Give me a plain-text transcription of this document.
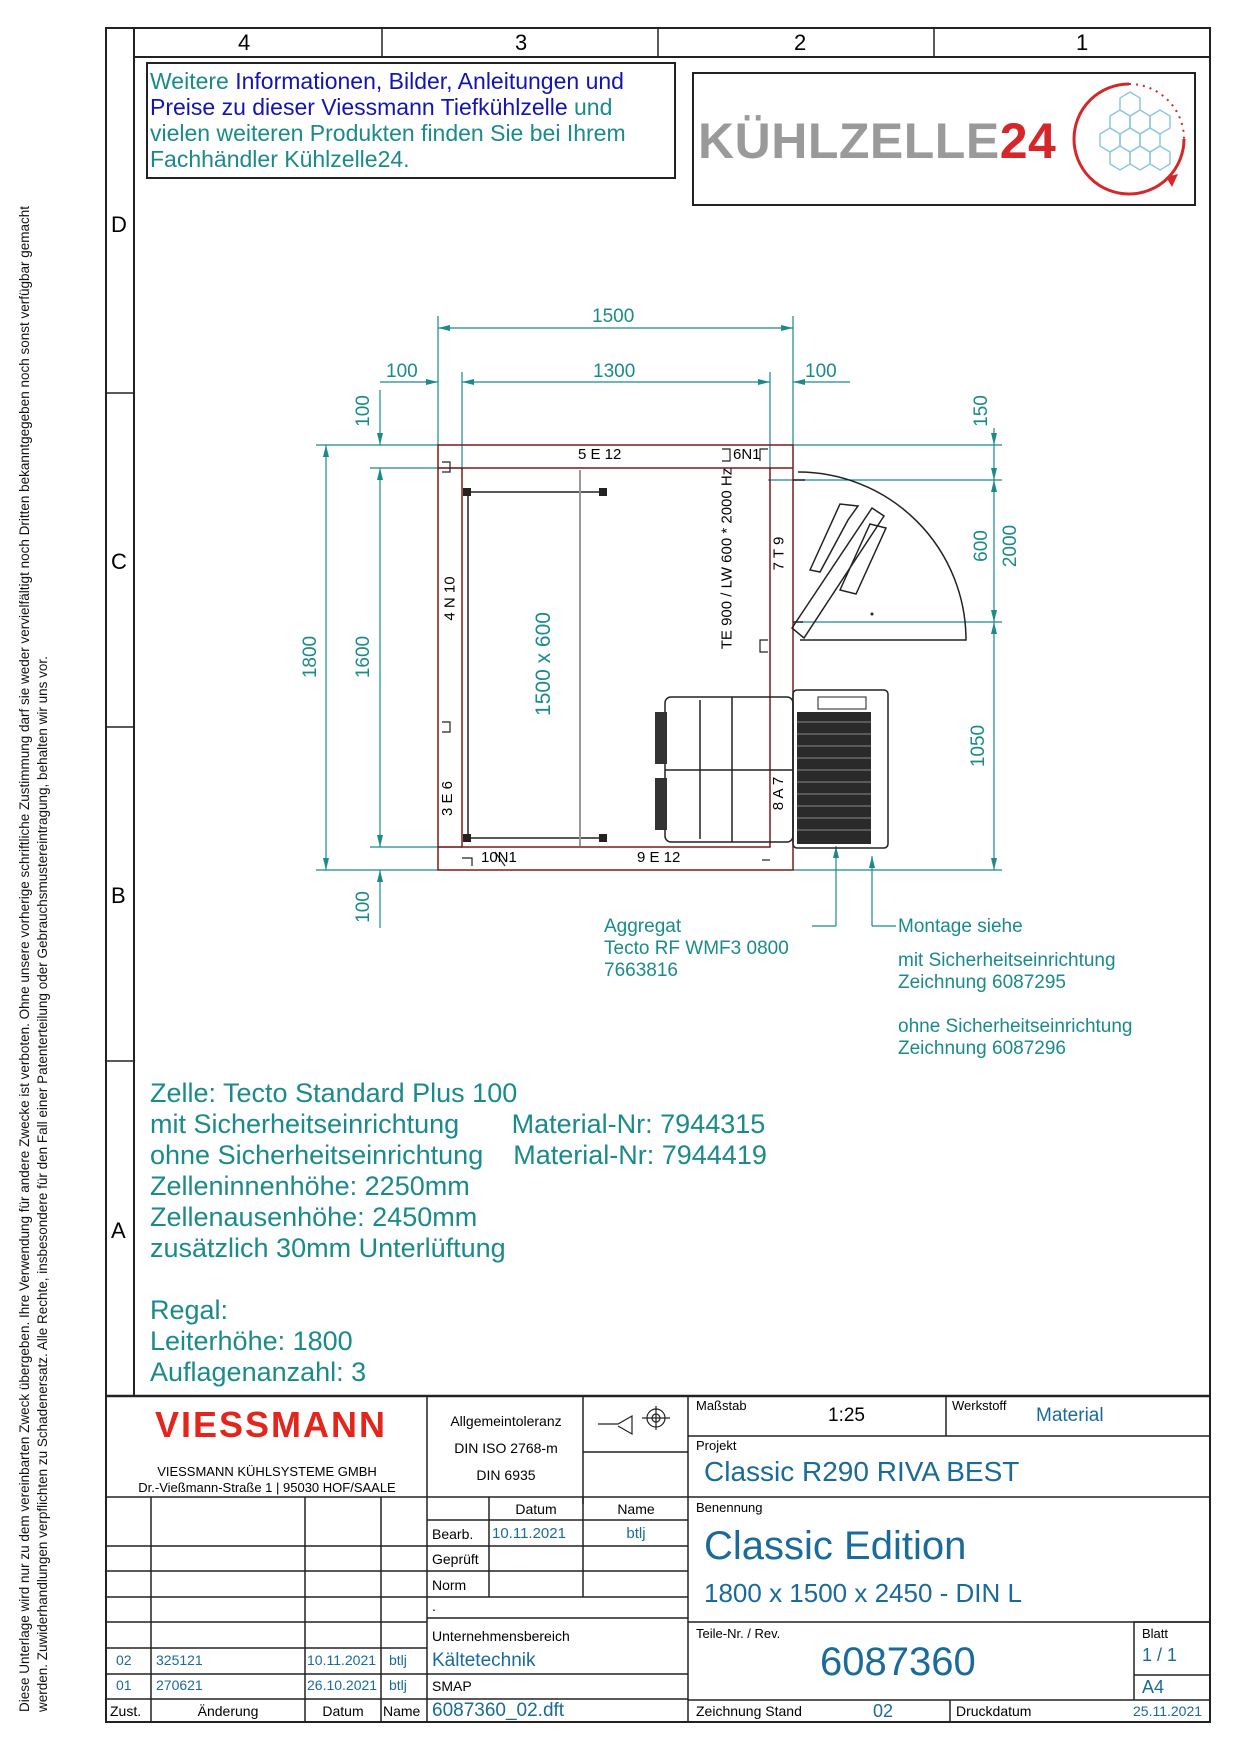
Diese Unterlage wird nur zu dem vereinbarten Zweck übergeben. Ihre Verwendung für andere Zwecke ist verboten. Ohne unsere vorherige schriftliche Zustimmung darf sie weder vervielfältigt noch Dritten bekanntgegeben noch sonst verfügbar gemacht werden. Zuwiderhandlungen verpflichten zu Schadenersatz. Alle Rechte, insbesondere für den Fall einer Patenterteilung oder Gebrauchsmustereintragung, behalten wir uns vor.
4	3	2	1
D
C
B
A
Weitere Informationen, Bilder, Anleitungen und
Preise zu dieser Viessmann Tiefkühlzelle und
vielen weiteren Produkten finden Sie bei Ihrem
Fachhändler Kühlzelle24.	KÜHLZELLE24
1500
100	1300	100
100
1800 1600
100
150
600 2000
1050
5 E 12	6N1
4 N 10
3 E 6
10N1	9 E 12
7 T 9
8 A 7
TE 900 / LW 600 * 2000 Hz
1500 x 600
Aggregat
Tecto RF WMF3 0800
7663816
Montage siehe
mit Sicherheitseinrichtung
Zeichnung 6087295
ohne Sicherheitseinrichtung
Zeichnung 6087296
Zelle: Tecto Standard Plus 100
mit Sicherheitseinrichtung       Material-Nr: 7944315
ohne Sicherheitseinrichtung    Material-Nr: 7944419
Zelleninnenhöhe: 2250mm
Zellenausenhöhe: 2450mm
zusätzlich 30mm Unterlüftung
Regal:
Leiterhöhe: 1800
Auflagenanzahl: 3
VIESSMANN
VIESSMANN KÜHLSYSTEME GMBH
Dr.-Vießmann-Straße 1 | 95030 HOF/SAALE
Allgemeintoleranz
DIN ISO 2768-m
DIN 6935
Datum	Name
Bearb. 10.11.2021	btlj
Geprüft
Norm
.
Unternehmensbereich
Kältetechnik
SMAP
6087360_02.dft
02 325121	10.11.2021 btlj
01 270621	26.10.2021 btlj
Zust.	Änderung	Datum	Name
Maßstab	1:25	Werkstoff Material
Projekt
Classic R290 RIVA BEST
Benennung
Classic Edition
1800 x 1500 x 2450 - DIN L
Teile-Nr. / Rev.
6087360
Blatt
1 / 1
A4
Zeichnung Stand	02	Druckdatum	25.11.2021
